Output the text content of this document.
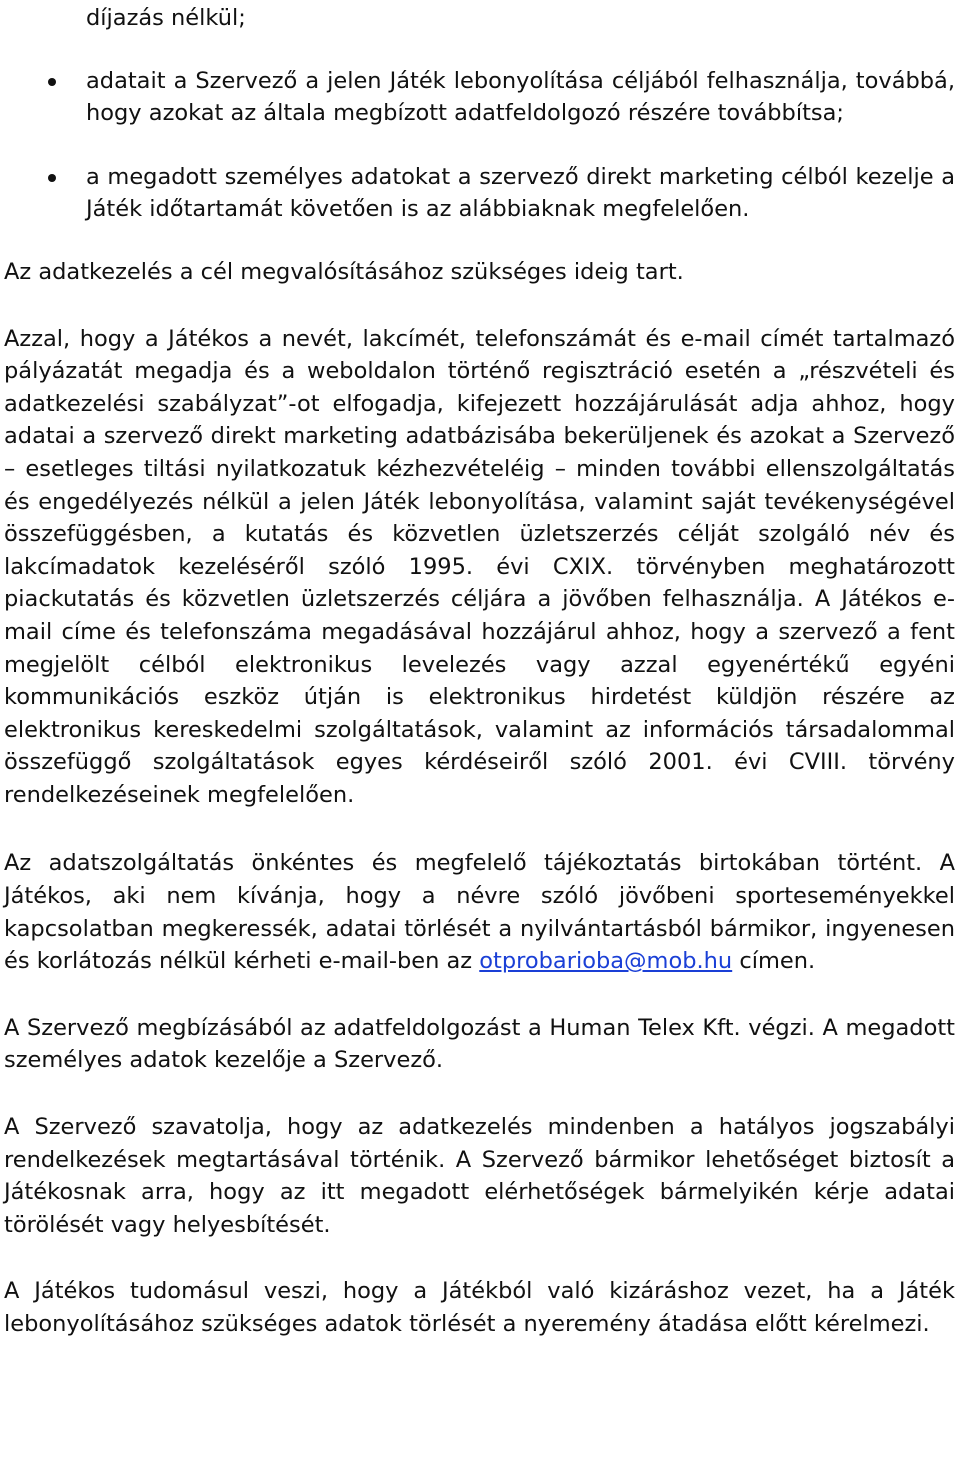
díjazás nélkül;

adatait a Szervező a jelen Játék lebonyolítása céljából felhasználja, továbbá, hogy azokat az általa megbízott adatfeldolgozó részére továbbítsa;
a megadott személyes adatokat a szervező direkt marketing célból kezelje a Játék időtartamát követően is az alábbiaknak megfelelően.

Az adatkezelés a cél megvalósításához szükséges ideig tart.

Azzal, hogy a Játékos a nevét, lakcímét, telefonszámát és e-mail címét tartalmazó pályázatát megadja és a weboldalon történő regisztráció esetén a „részvételi és adatkezelési szabályzat”-ot elfogadja, kifejezett hozzájárulását adja ahhoz, hogy adatai a szervező direkt marketing adatbázisába bekerüljenek és azokat a Szervező – esetleges tiltási nyilatkozatuk kézhezvételéig – minden további ellenszolgáltatás és engedélyezés nélkül a jelen Játék lebonyolítása, valamint saját tevékenységével összefüggésben, a kutatás és közvetlen üzletszerzés célját szolgáló név és lakcímadatok kezeléséről szóló 1995. évi CXIX. törvényben meghatározott piackutatás és közvetlen üzletszerzés céljára a jövőben felhasználja. A Játékos e-mail címe és telefonszáma megadásával hozzájárul ahhoz, hogy a szervező a fent megjelölt célból elektronikus levelezés vagy azzal egyenértékű egyéni kommunikációs eszköz útján is elektronikus hirdetést küldjön részére az elektronikus kereskedelmi szolgáltatások, valamint az információs társadalommal összefüggő szolgáltatások egyes kérdéseiről szóló 2001. évi CVIII. törvény rendelkezéseinek megfelelően.

Az adatszolgáltatás önkéntes és megfelelő tájékoztatás birtokában történt. A Játékos, aki nem kívánja, hogy a névre szóló jövőbeni sporteseményekkel kapcsolatban megkeressék, adatai törlését a nyilvántartásból bármikor, ingyenesen és korlátozás nélkül kérheti e-mail-ben az otprobarioba@mob.hu címen.

A Szervező megbízásából az adatfeldolgozást a Human Telex Kft. végzi. A megadott személyes adatok kezelője a Szervező.

A Szervező szavatolja, hogy az adatkezelés mindenben a hatályos jogszabályi rendelkezések megtartásával történik. A Szervező bármikor lehetőséget biztosít a Játékosnak arra, hogy az itt megadott elérhetőségek bármelyikén kérje adatai törölését vagy helyesbítését.

A Játékos tudomásul veszi, hogy a Játékból való kizáráshoz vezet, ha a Játék lebonyolításához szükséges adatok törlését a nyeremény átadása előtt kérelmezi.
